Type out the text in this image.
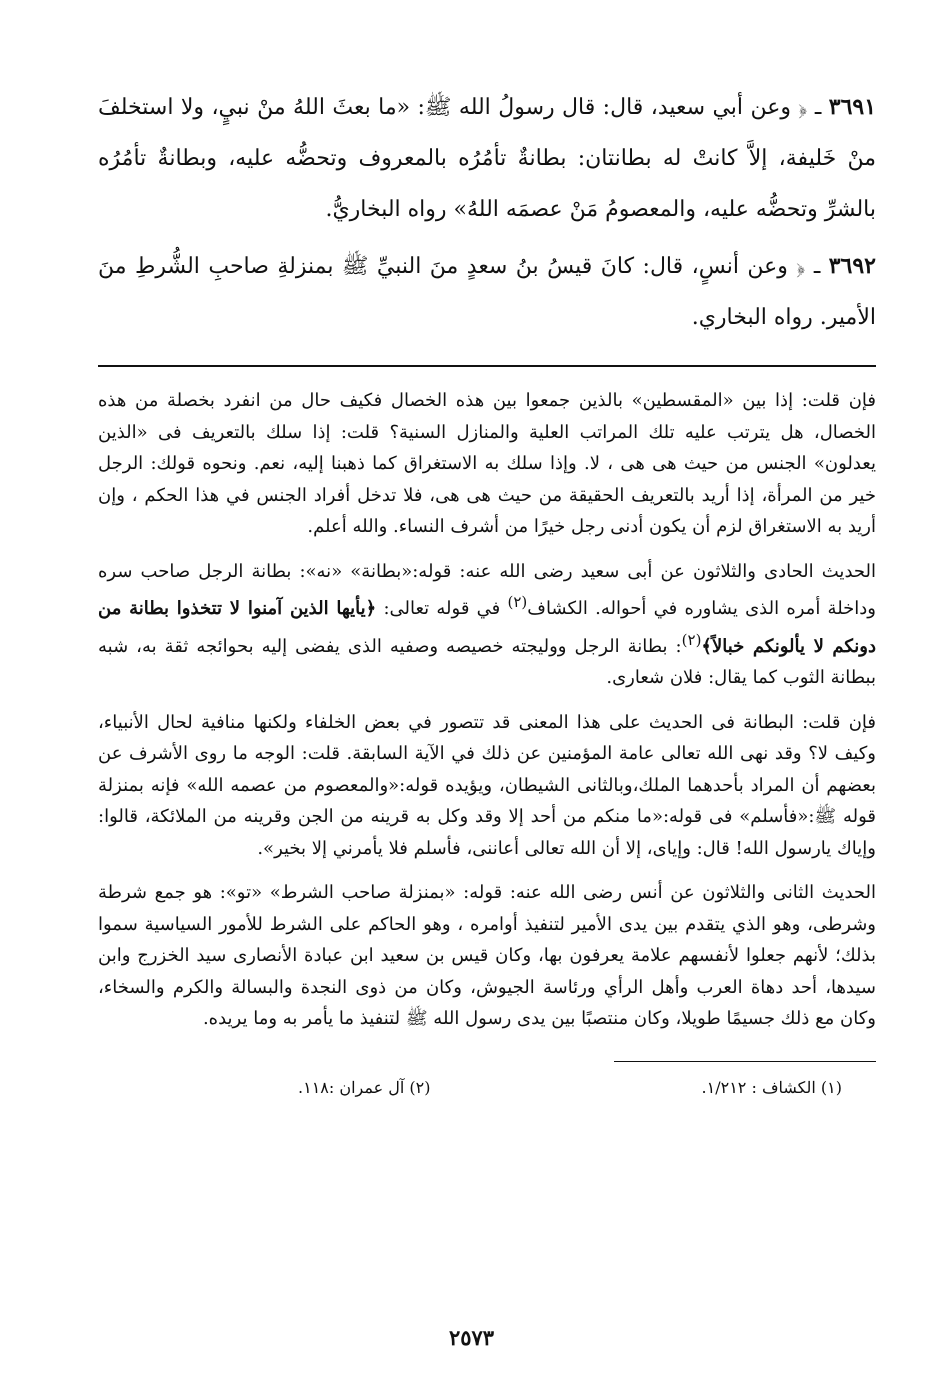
٣٦٩١ ـ ﴿ وعن أبي سعيد، قال: قال رسولُ الله ﷺ: «ما بعثَ اللهُ منْ نبيٍ، ولا استخلفَ منْ خَليفة، إلاَّ كانتْ له بطانتان: بطانةٌ تأمُرُه بالمعروف وتحضُّه عليه، وبطانةٌ تأمُرُه بالشرِّ وتحضُّه عليه، والمعصومُ مَنْ عصمَه اللهُ» رواه البخاريُّ.

٣٦٩٢ ـ ﴿ وعن أنسٍ، قال: كانَ قيسُ بنُ سعدٍ منَ النبيِّ ﷺ بمنزلةِ صاحبِ الشُّرطِ منَ الأمير. رواه البخاري.

فإن قلت: إذا بين «المقسطين» بالذين جمعوا بين هذه الخصال فكيف حال من انفرد بخصلة من هذه الخصال، هل يترتب عليه تلك المراتب العلية والمنازل السنية؟ قلت: إذا سلك بالتعريف فى «الذين يعدلون» الجنس من حيث هى هى ، لا. وإذا سلك به الاستغراق كما ذهبنا إليه، نعم. ونحوه قولك: الرجل خير من المرأة، إذا أريد بالتعريف الحقيقة من حيث هى هى، فلا تدخل أفراد الجنس في هذا الحكم ، وإن أريد به الاستغراق لزم أن يكون أدنى رجل خيرًا من أشرف النساء. والله أعلم.

الحديث الحادى والثلاثون عن أبى سعيد رضى الله عنه: قوله:«بطانة» «نه»: بطانة الرجل صاحب سره وداخلة أمره الذى يشاوره في أحواله. الكشاف$^{(٢)}$ في قوله تعالى: ﴿يأيها الذين آمنوا لا تتخذوا بطانة من دونكم لا يألونكم خبالاً﴾$^{(٢)}$: بطانة الرجل ووليجته خصيصه وصفيه الذى يفضى إليه بحوائجه ثقة به، شبه ببطانة الثوب كما يقال: فلان شعارى.

فإن قلت: البطانة فى الحديث على هذا المعنى قد تتصور في بعض الخلفاء ولكنها منافية لحال الأنبياء، وكيف لا؟ وقد نهى الله تعالى عامة المؤمنين عن ذلك في الآية السابقة. قلت: الوجه ما روى الأشرف عن بعضهم أن المراد بأحدهما الملك،وبالثانى الشيطان، ويؤيده قوله:«والمعصوم من عصمه الله» فإنه بمنزلة قوله ﷺ:«فأسلم» فى قوله:«ما منكم من أحد إلا وقد وكل به قرينه من الجن وقرينه من الملائكة، قالوا: وإياك يارسول الله! قال: وإياى، إلا أن الله تعالى أعاننى، فأسلم فلا يأمرني إلا بخير».

الحديث الثانى والثلاثون عن أنس رضى الله عنه: قوله: «بمنزلة صاحب الشرط» «تو»: هو جمع شرطة وشرطى، وهو الذي يتقدم بين يدى الأمير لتنفيذ أوامره ، وهو الحاكم على الشرط للأمور السياسية سموا بذلك؛ لأنهم جعلوا لأنفسهم علامة يعرفون بها، وكان قيس بن سعيد ابن عبادة الأنصارى سيد الخزرج وابن سيدها، أحد دهاة العرب وأهل الرأي ورئاسة الجيوش، وكان من ذوى النجدة والبسالة والكرم والسخاء، وكان مع ذلك جسيمًا طويلا، وكان منتصبًا بين يدى رسول الله ﷺ لتنفيذ ما يأمر به وما يريده.

(١) الكشاف : ١/٢١٢.
(٢) آل عمران :١١٨.
٢٥٧٣
